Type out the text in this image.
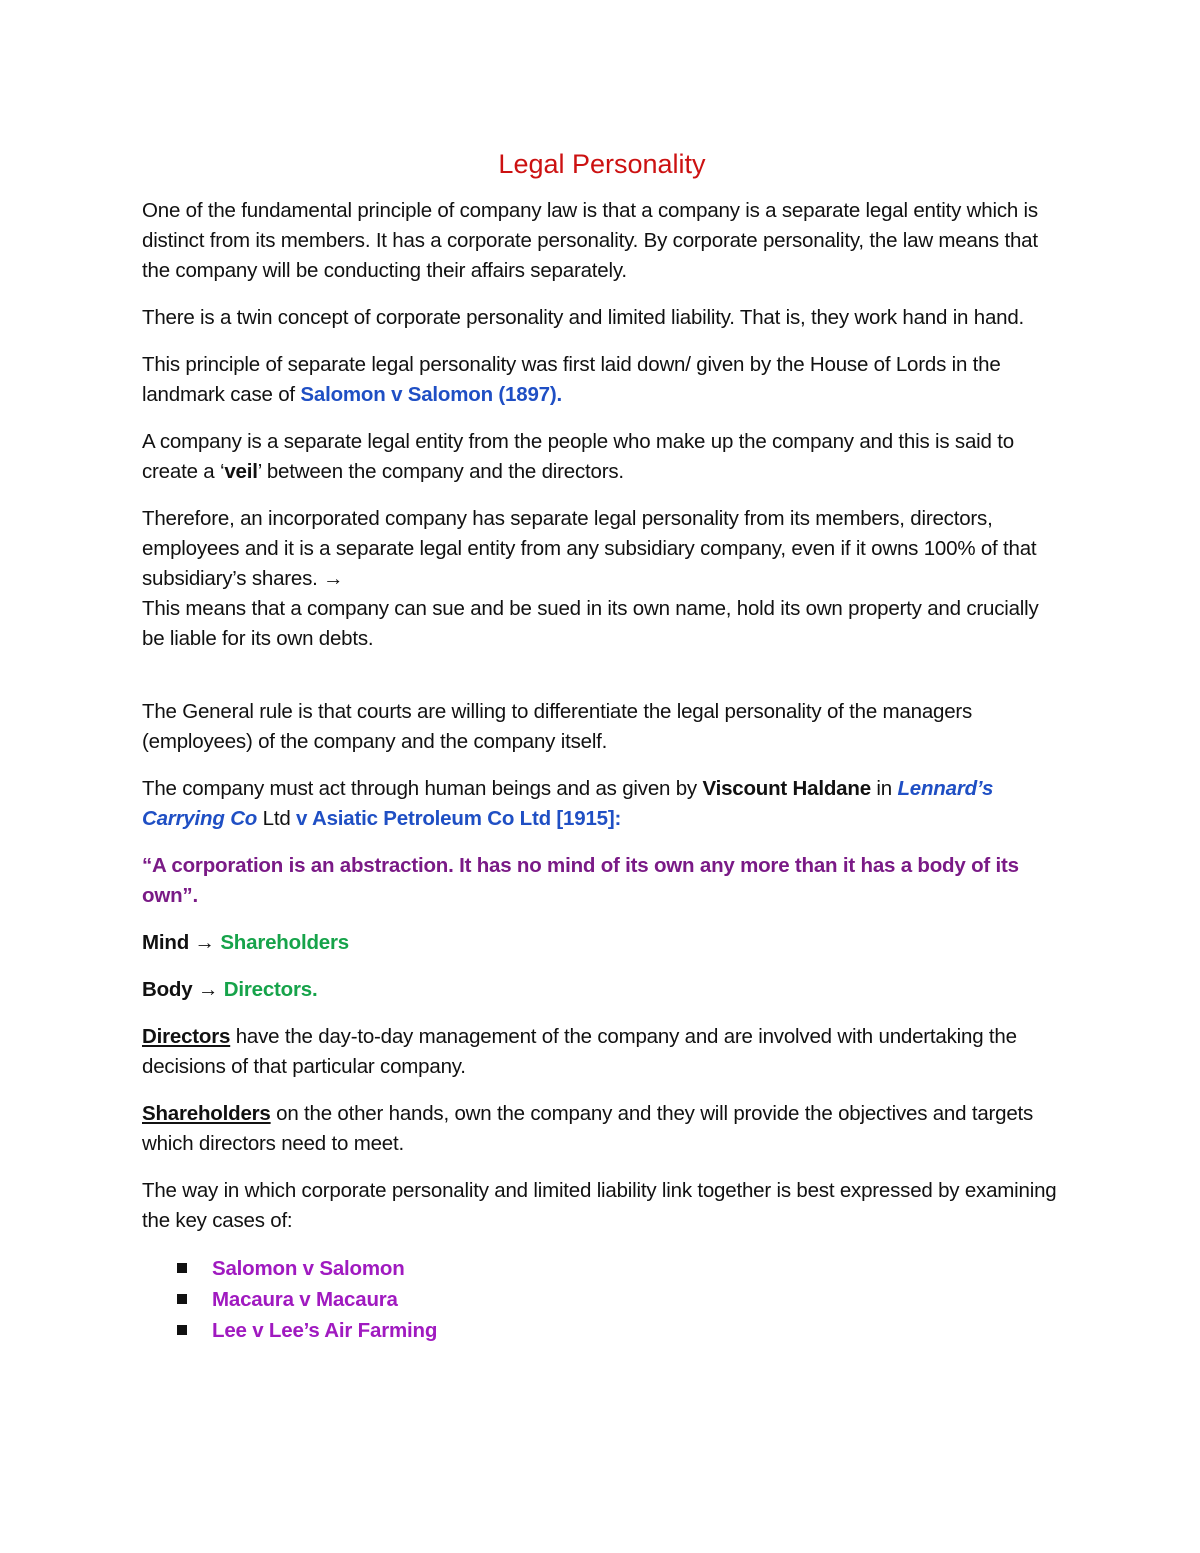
Legal Personality

One of the fundamental principle of company law is that a company is a separate legal entity which is distinct from its members. It has a corporate personality. By corporate personality, the law means that the company will be conducting their affairs separately.

There is a twin concept of corporate personality and limited liability. That is, they work hand in hand.

This principle of separate legal personality was first laid down/ given by the House of Lords in the landmark case of Salomon v Salomon (1897).

A company is a separate legal entity from the people who make up the company and this is said to create a ‘veil’ between the company and the directors.

Therefore, an incorporated company has separate legal personality from its members, directors, employees and it is a separate legal entity from any subsidiary company, even if it owns 100% of that subsidiary’s shares. →
This means that a company can sue and be sued in its own name, hold its own property and crucially be liable for its own debts.

The General rule is that courts are willing to differentiate the legal personality of the managers (employees) of the company and the company itself.

The company must act through human beings and as given by Viscount Haldane in Lennard’s Carrying Co Ltd v Asiatic Petroleum Co Ltd [1915]:

“A corporation is an abstraction. It has no mind of its own any more than it has a body of its own”.

Mind → Shareholders

Body → Directors.

Directors have the day-to-day management of the company and are involved with undertaking the decisions of that particular company.

Shareholders on the other hands, own the company and they will provide the objectives and targets which directors need to meet.

The way in which corporate personality and limited liability link together is best expressed by examining the key cases of:

Salomon v Salomon
Macaura v Macaura
Lee v Lee’s Air Farming
